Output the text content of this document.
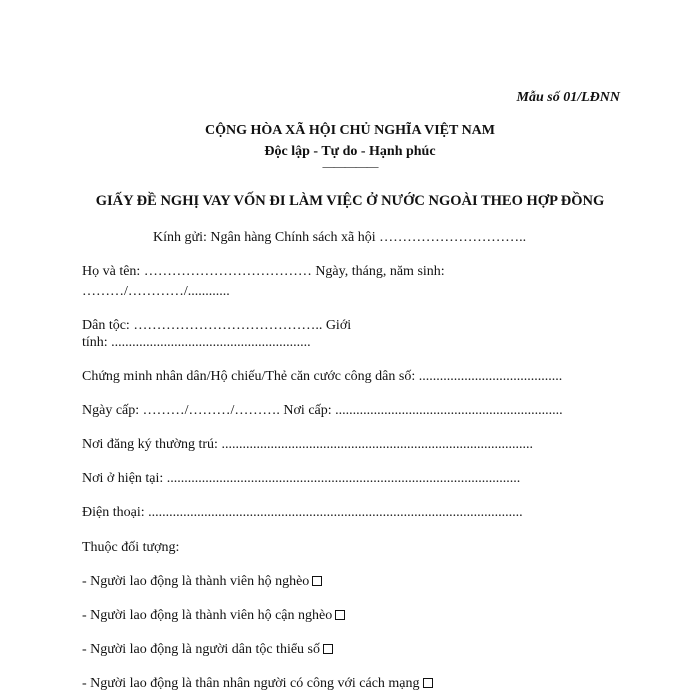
Mẫu số 01/LĐNN
CỘNG HÒA XÃ HỘI CHỦ NGHĨA VIỆT NAM
Độc lập - Tự do - Hạnh phúc
—————
GIẤY ĐỀ NGHỊ VAY VỐN ĐI LÀM VIỆC Ở NƯỚC NGOÀI THEO HỢP ĐỒNG
Kính gửi: Ngân hàng Chính sách xã hội …………………………..
Họ và tên: ……………………………… Ngày, tháng, năm sinh:
………/…………/............
Dân tộc: ………………………………….. Giới
tính: .........................................................
Chứng minh nhân dân/Hộ chiếu/Thẻ căn cước công dân số: .........................................
Ngày cấp: ………/………/………. Nơi cấp: .................................................................
Nơi đăng ký thường trú: .........................................................................................
Nơi ở hiện tại: .....................................................................................................
Điện thoại: ...........................................................................................................
Thuộc đối tượng:
- Người lao động là thành viên hộ nghèo
- Người lao động là thành viên hộ cận nghèo
- Người lao động là người dân tộc thiểu số
- Người lao động là thân nhân người có công với cách mạng
